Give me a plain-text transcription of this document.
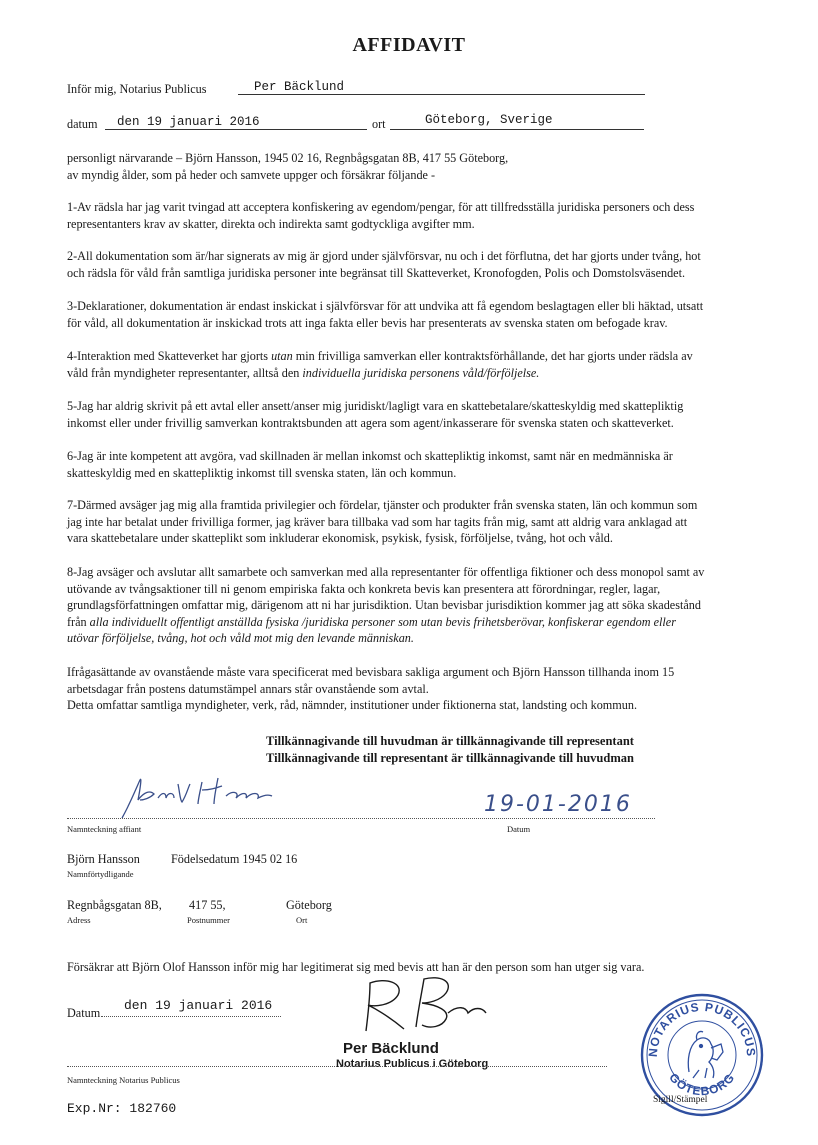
AFFIDAVIT
Inför mig, Notarius Publicus	Per Bäcklund
datum den 19 januari 2016	ort	Göteborg, Sverige
personligt närvarande – Björn Hansson, 1945 02 16, Regnbågsgatan 8B, 417 55 Göteborg,
av myndig ålder, som på heder och samvete uppger och försäkrar följande -
1-Av rädsla har jag varit tvingad att acceptera konfiskering av egendom/pengar, för att tillfredsställa juridiska personers och dess
representanters krav av skatter, direkta och indirekta samt godtyckliga avgifter mm.
2-All dokumentation som är/har signerats av mig är gjord under självförsvar, nu och i det förflutna, det har gjorts under tvång, hot
och rädsla för våld från samtliga juridiska personer inte begränsat till Skatteverket, Kronofogden, Polis och Domstolsväsendet.
3-Deklarationer, dokumentation är endast inskickat i självförsvar för att undvika att få egendom beslagtagen eller bli häktad, utsatt
för våld, all dokumentation är inskickad trots att inga fakta eller bevis har presenterats av svenska staten om befogade krav.
4-Interaktion med Skatteverket har gjorts utan min frivilliga samverkan eller kontraktsförhållande, det har gjorts under rädsla av
våld från myndigheter representanter, alltså den individuella juridiska personens våld/förföljelse.
5-Jag har aldrig skrivit på ett avtal eller ansett/anser mig juridiskt/lagligt vara en skattebetalare/skatteskyldig med skattepliktig
inkomst eller under frivillig samverkan kontraktsbunden att agera som agent/inkasserare för svenska staten och skatteverket.
6-Jag är inte kompetent att avgöra, vad skillnaden är mellan inkomst och skattepliktig inkomst, samt när en medmänniska är
skatteskyldig med en skattepliktig inkomst till svenska staten, län och kommun.
7-Därmed avsäger jag mig alla framtida privilegier och fördelar, tjänster och produkter från svenska staten, län och kommun som
jag inte har betalat under frivilliga former, jag kräver bara tillbaka vad som har tagits från mig, samt att aldrig vara anklagad att
vara skattebetalare under skatteplikt som inkluderar ekonomisk, psykisk, fysisk, förföljelse, tvång, hot och våld.
8-Jag avsäger och avslutar allt samarbete och samverkan med alla representanter för offentliga fiktioner och dess monopol samt av
utövande av tvångsaktioner till ni genom empiriska fakta och konkreta bevis kan presentera att förordningar, regler, lagar,
grundlagsförfattningen omfattar mig, därigenom att ni har jurisdiktion. Utan bevisbar jurisdiktion kommer jag att söka skadestånd
från alla individuellt offentligt anställda fysiska /juridiska personer som utan bevis frihetsberövar, konfiskerar egendom eller
utövar förföljelse, tvång, hot och våld mot mig den levande människan.
Ifrågasättande av ovanstående måste vara specificerat med bevisbara sakliga argument och Björn Hansson tillhanda inom 15
arbetsdagar från postens datumstämpel annars står ovanstående som avtal.
Detta omfattar samtliga myndigheter, verk, råd, nämnder, institutioner under fiktionerna stat, landsting och kommun.
Tillkännagivande till huvudman är tillkännagivande till representant
Tillkännagivande till representant är tillkännagivande till huvudman
19-01-2016
Namnteckning affiant	Datum
Björn Hansson	Födelsedatum 1945 02 16
Namnförtydligande
Regnbågsgatan 8B, 417 55,	Göteborg
Adress	Postnummer	Ort
Försäkrar att Björn Olof Hansson inför mig har legitimerat sig med bevis att han är den person som han utger sig vara.
Datum den 19 januari 2016
Per Bäcklund
Notarius Publicus i Göteborg
Namnteckning Notarius Publicus
Exp.Nr: 182760
NOTARIUS PUBLICUS
GÖTEBORG
Sigill/Stämpel
